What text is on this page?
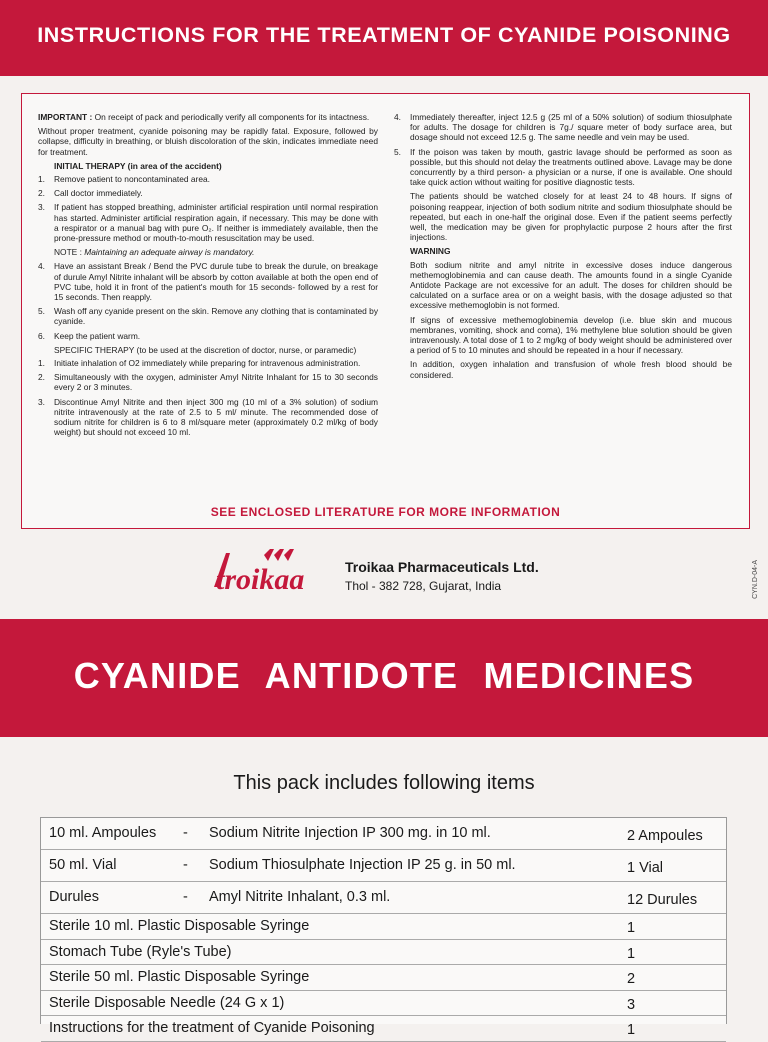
INSTRUCTIONS FOR THE TREATMENT OF CYANIDE POISONING

IMPORTANT : On receipt of pack and periodically verify all components for its intactness.

Without proper treatment, cyanide poisoning may be rapidly fatal. Exposure, followed by collapse, difficulty in breathing, or bluish discoloration of the skin, indicates immediate need for treatment.

INITIAL THERAPY (in area of the accident)
1.	Remove patient to noncontaminated area.
2.	Call doctor immediately.
3.	If patient has stopped breathing, administer artificial respiration until normal respiration has started. Administer artificial respiration again, if necessary. This may be done with a respirator or a manual bag with pure O₂. If neither is immediately available, then the prone-pressure method or mouth-to-mouth resuscitation may be used.
NOTE : Maintaining an adequate airway is mandatory.
4.	Have an assistant Break / Bend the PVC durule tube to break the durule, on breakage of durule Amyl Nitrite inhalant will be absorb by cotton available at both the open end of PVC tube, hold it in front of the patient's mouth for 15 seconds- followed by a rest for 15 seconds. Then reapply.
5.	Wash off any cyanide present on the skin. Remove any clothing that is contaminated by cyanide.
6.	Keep the patient warm.
SPECIFIC THERAPY (to be used at the discretion of doctor, nurse, or paramedic)
1.	Initiate inhalation of O2 immediately while preparing for intravenous administration.
2.	Simultaneously with the oxygen, administer Amyl Nitrite Inhalant for 15 to 30 seconds every 2 or 3 minutes.
3.	Discontinue Amyl Nitrite and then inject 300 mg (10 ml of a 3% solution) of sodium nitrite intravenously at the rate of 2.5 to 5 ml/ minute. The recommended dose of sodium nitrite for children is 6 to 8 ml/square meter (approximately 0.2 ml/kg of body weight) but should not exceed 10 ml.
4.	Immediately thereafter, inject 12.5 g (25 ml of a 50% solution) of sodium thiosulphate for adults. The dosage for children is 7g./ square meter of body surface area, but dosage should not exceed 12.5 g. The same needle and vein may be used.
5.	If the poison was taken by mouth, gastric lavage should be performed as soon as possible, but this should not delay the treatments outlined above. Lavage may be done concurrently by a third person- a physician or a nurse, if one is available. One should take quick action without waiting for positive diagnostic tests.

The patients should be watched closely for at least 24 to 48 hours. If signs of poisoning reappear, injection of both sodium nitrite and sodium thiosulphate should be repeated, but each in one-half the original dose. Even if the patient seems perfectly well, the medication may be given for prophylactic purpose 2 hours after the first injections.

WARNING

Both sodium nitrite and amyl nitrite in excessive doses induce dangerous methemoglobinemia and can cause death. The amounts found in a single Cyanide Antidote Package are not excessive for an adult. The doses for children should be calculated on a surface area or on a weight basis, with the dosage adjusted so that excessive methemoglobin is not formed.

If signs of excessive methemoglobinemia develop (i.e. blue skin and mucous membranes, vomiting, shock and coma), 1% methylene blue solution should be given intravenously. A total dose of 1 to 2 mg/kg of body weight should be administered over a period of 5 to 10 minutes and should be repeated in a hour if necessary.

In addition, oxygen inhalation and transfusion of whole fresh blood should be considered.

SEE ENCLOSED LITERATURE FOR MORE INFORMATION
troikaa	Troikaa Pharmaceuticals Ltd.
Thol - 382 728, Gujarat, India	CYN.D-04-A
CYANIDE ANTIDOTE MEDICINES
This pack includes following items
10 ml. Ampoules - Sodium Nitrite Injection IP 300 mg. in 10 ml.	2 Ampoules
50 ml. Vial	- Sodium Thiosulphate Injection IP 25 g. in 50 ml.	1 Vial
Durules	- Amyl Nitrite Inhalant, 0.3 ml.	12 Durules
Sterile 10 ml. Plastic Disposable Syringe	1
Stomach Tube (Ryle's Tube)	1
Sterile 50 ml. Plastic Disposable Syringe	2
Sterile Disposable Needle (24 G x 1)	3
Instructions for the treatment of Cyanide Poisoning	1
